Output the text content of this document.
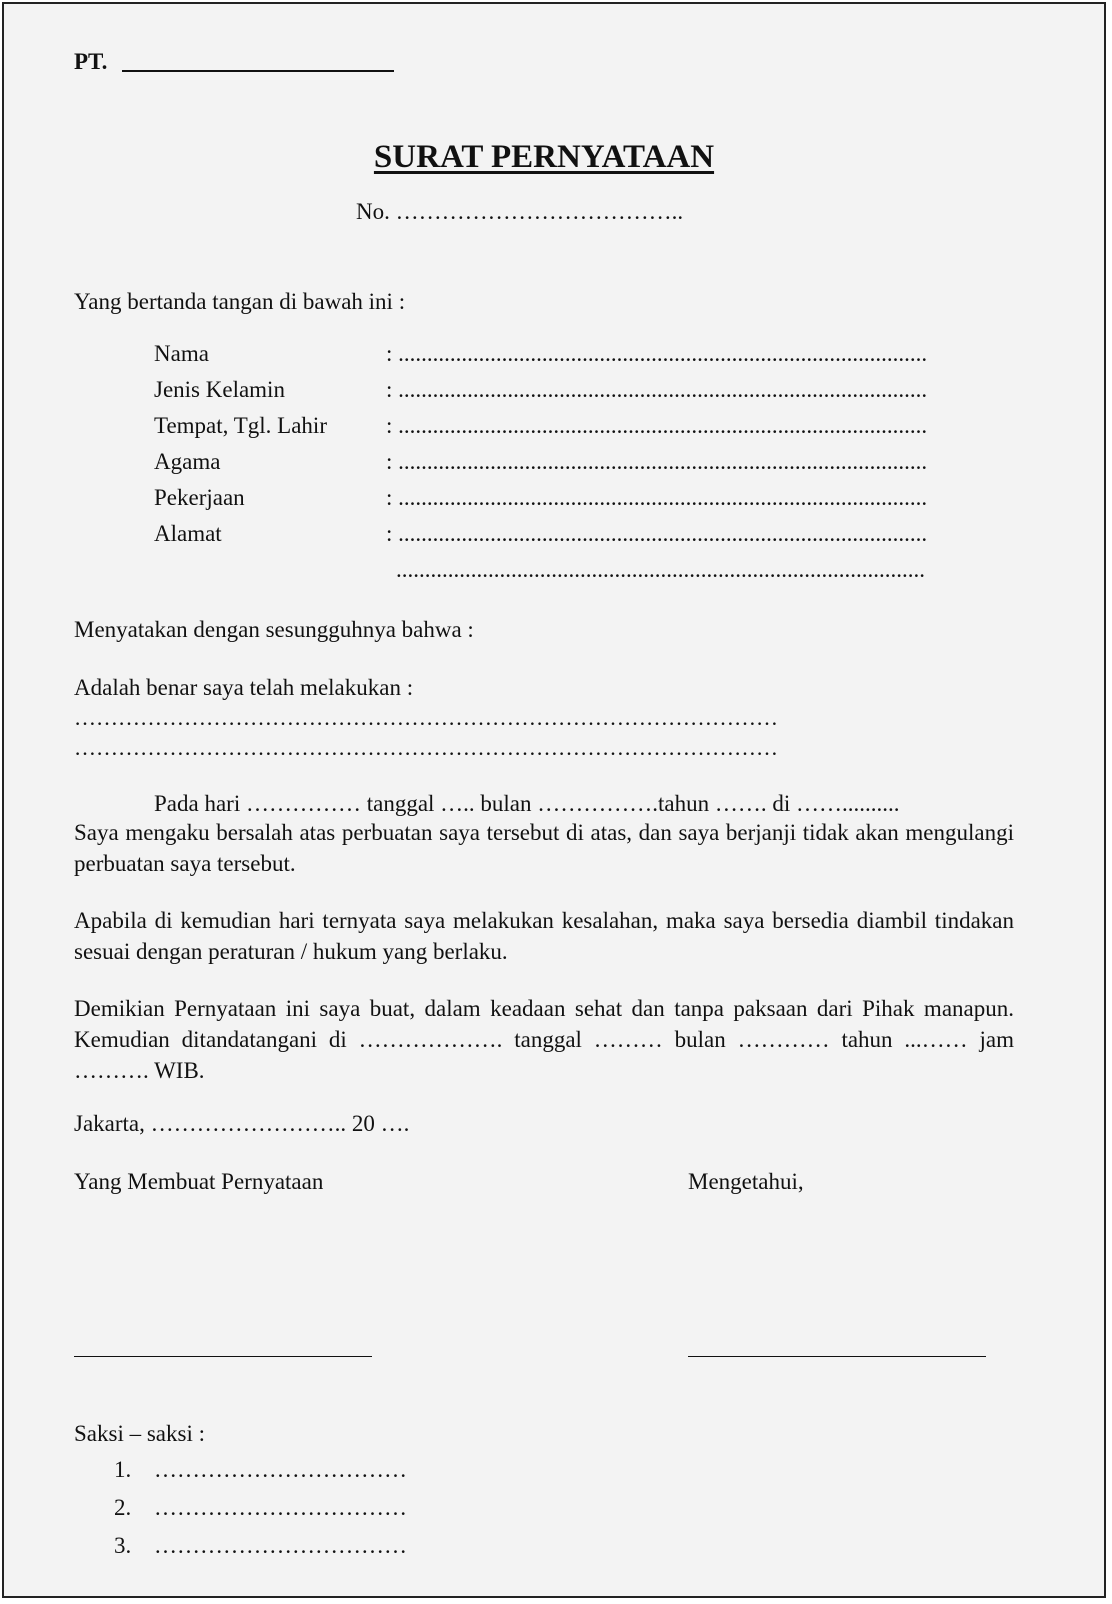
PT.
SURAT PERNYATAAN
No. ………………………………..
Yang bertanda tangan di bawah ini :
Nama	: ............................................................................................
Jenis Kelamin	: ............................................................................................
Tempat, Tgl. Lahir	: ............................................................................................
Agama	: ............................................................................................
Pekerjaan	: ............................................................................................
Alamat	: ............................................................................................
............................................................................................
Menyatakan dengan sesungguhnya bahwa :
Adalah benar saya telah melakukan :
……………………………………………………………………………………
……………………………………………………………………………………
Pada hari …………… tanggal ….. bulan …………….tahun ……. di ……..........
Saya mengaku bersalah atas perbuatan saya tersebut di atas, dan saya berjanji tidak akan mengulangi perbuatan saya tersebut.
Apabila di kemudian hari ternyata saya melakukan kesalahan, maka saya bersedia diambil tindakan sesuai dengan peraturan / hukum yang berlaku.
Demikian Pernyataan ini saya buat, dalam keadaan sehat dan tanpa paksaan dari Pihak manapun. Kemudian ditandatangani di ………………. tanggal ……… bulan ………… tahun ...…… jam ………. WIB.
Jakarta, …………………….. 20 ….
Yang Membuat Pernyataan	Mengetahui,
Saksi – saksi :
1. ……………………………
2. ……………………………
3. ……………………………
